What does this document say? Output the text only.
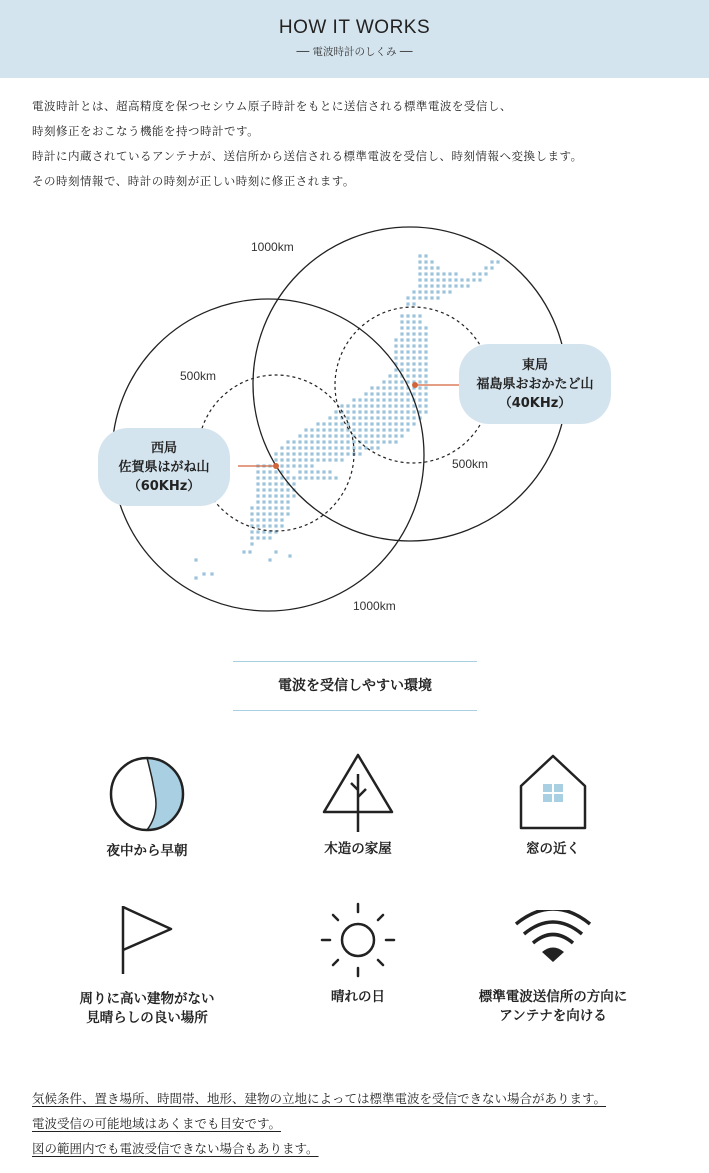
HOW IT WORKS
── 電波時計のしくみ ──

電波時計とは、超高精度を保つセシウム原子時計をもとに送信される標準電波を受信し、

時刻修正をおこなう機能を持つ時計です。

時計に内蔵されているアンテナが、送信所から送信される標準電波を受信し、時刻情報へ変換します。

その時刻情報で、時計の時刻が正しい時刻に修正されます。

1000km
500km
500km
1000km
西局
佐賀県はがね山
（60KHz）
東局
福島県おおかたど山
（40KHz）
電波を受信しやすい環境
夜中から早朝	木造の家屋	窓の近く
周りに高い建物がない
見晴らしの良い場所
晴れの日	標準電波送信所の方向に
アンテナを向ける

気候条件、置き場所、時間帯、地形、建物の立地によっては標準電波を受信できない場合があります。

電波受信の可能地域はあくまでも目安です。

図の範囲内でも電波受信できない場合もあります。
